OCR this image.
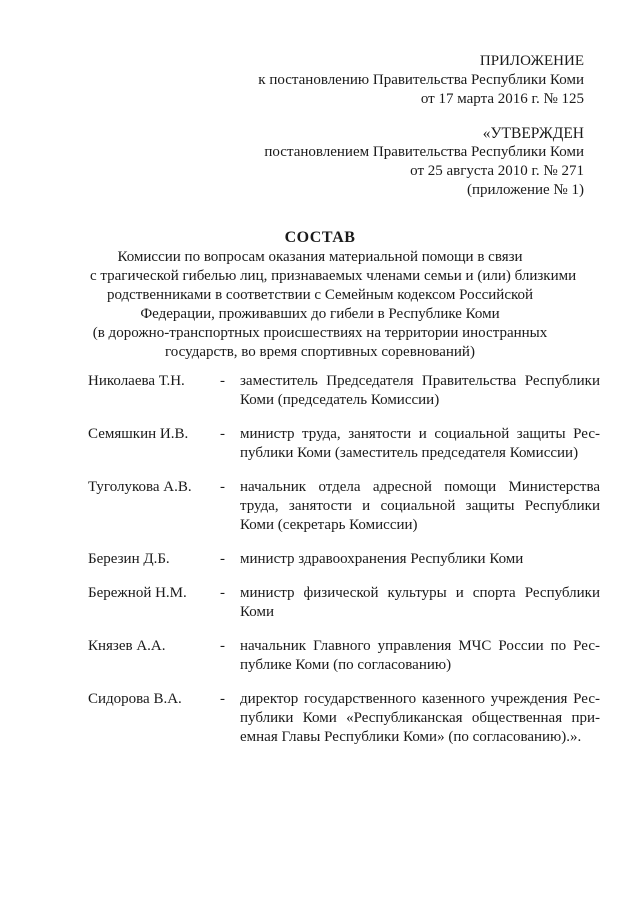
ПРИЛОЖЕНИЕ
к постановлению Правительства Республики Коми
от 17 марта 2016 г. № 125
«УТВЕРЖДЕН
постановлением Правительства Республики Коми
от 25 августа 2010 г. № 271
(приложение № 1)
СОСТАВ
Комиссии по вопросам оказания материальной помощи в связи
с трагической гибелью лиц, признаваемых членами семьи и (или) близкими
родственниками в соответствии с Семейным кодексом Российской
Федерации, проживавших до гибели в Республике Коми
(в дорожно-транспортных происшествиях на территории иностранных
государств, во время спортивных соревнований)
Николаева Т.Н.	-	заместитель Председателя Правительства Республики
Коми (председатель Комиссии)
Семяшкин И.В.	-	министр труда, занятости и социальной защиты Рес-
публики Коми (заместитель председателя Комиссии)
Туголукова А.В.	-	начальник отдела адресной помощи Министерства
труда, занятости и социальной защиты Республики
Коми (секретарь Комиссии)
Березин Д.Б.	-	министр здравоохранения Республики Коми
Бережной Н.М.	-	министр физической культуры и спорта Республики
Коми
Князев А.А.	-	начальник Главного управления МЧС России по Рес-
публике Коми (по согласованию)
Сидорова В.А.	-	директор государственного казенного учреждения Рес-
публики Коми «Республиканская общественная при-
емная Главы Республики Коми» (по согласованию).».
